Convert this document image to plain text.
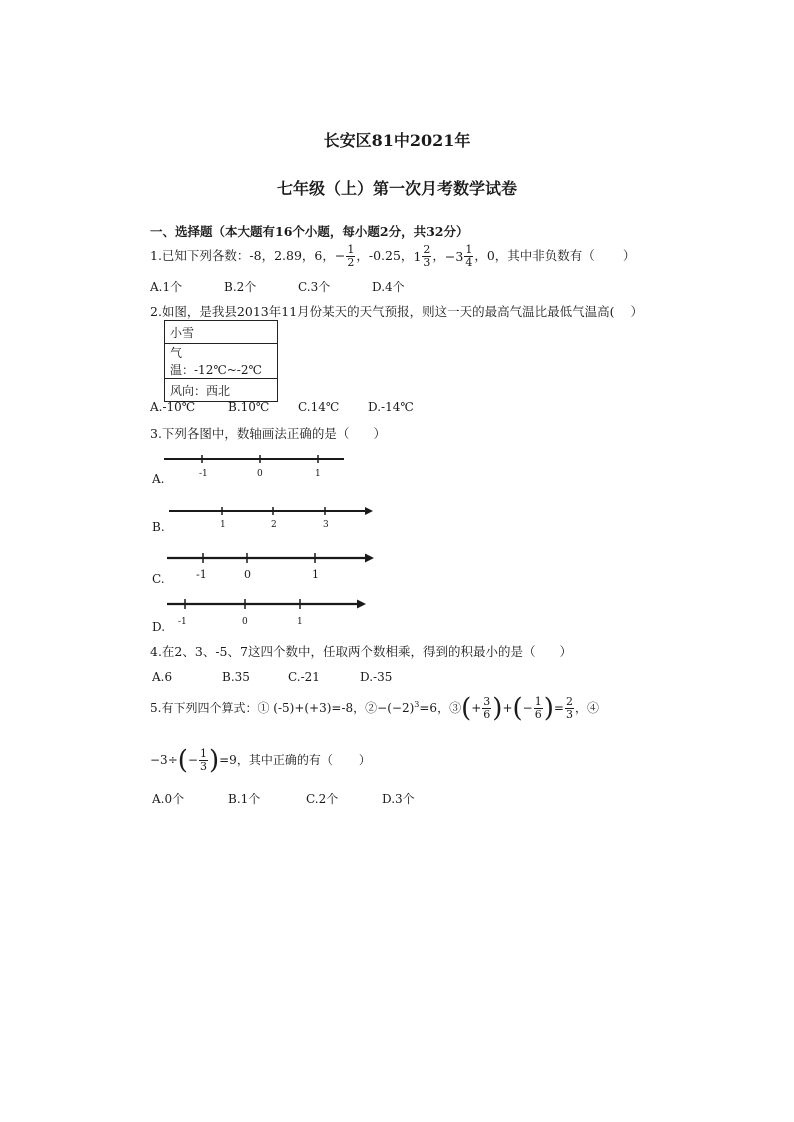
长安区81中2021年
七年级（上）第一次月考数学试卷
一、选择题（本大题有16个小题，每小题2分，共32分）
1.已知下列各数：-8，2.89，6，− $\frac{1}{2}$ ，-0.25， $1 \frac{2}{3}$ ， $-3 \frac{1}{4}$ ，0，其中非负数有（ ）
A.1个	B.2个	C.3个	D.4个
2.如图，是我县2013年11月份某天的天气预报，则这一天的最高气温比最低气温高( ）
小雪
气温：-12℃~-2℃
风向：西北
A.-10℃	B.10℃ C.14℃ D.-14℃
3.下列各图中，数轴画法正确的是（ ）
A.	-1	0	1
B.	1	2	3
C.	-1	0	1
D. -1	0	1
4.在2、3、-5、7这四个数中，任取两个数相乘，得到的积最小的是（ ）
A.6	B.35	C.-21	D.-35
5.有下列四个算式：① (-5)+(+3)=-8，$②-(-2)^3=6$，③(+ $\frac{3}{6}$ )+(− $\frac{1}{6}$ )= $\frac{2}{3}$ ，④
$-3\div(- \frac{1}{3} )=9$，其中正确的有（ ）
A.0个	B.1个	C.2个	D.3个
